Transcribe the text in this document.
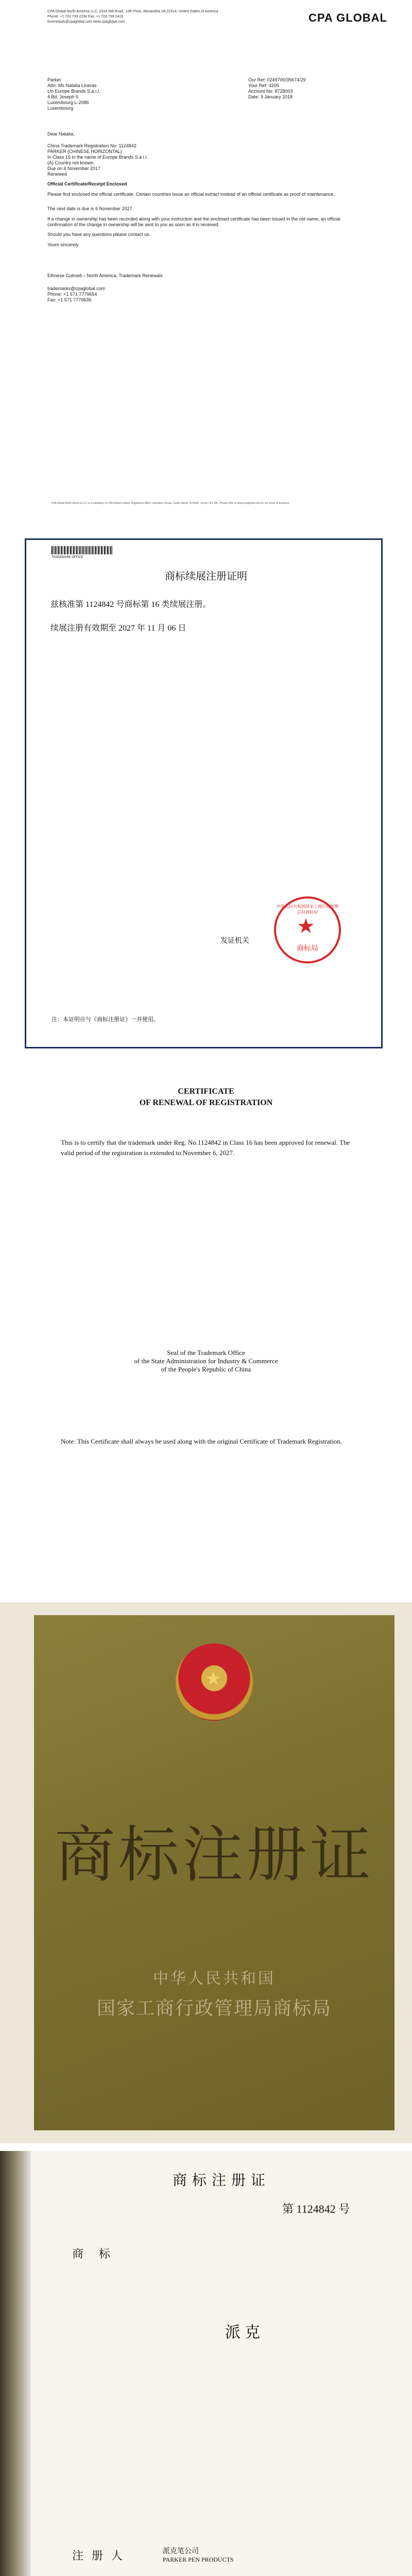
CPA Global North America LLC, 2318 Mill Road, 12th Floor, Alexandria VA 22314, United States of America
Phone: +1 703 739 2234 Fax: +1 703 739 2419
livrenewals@cpaglobal.com www.cpaglobal.com	CPA GLOBAL
Parker
Attn: Ms Natalia Lineras
c/o Europe Brands S.à r.l.
4 Bd. Joseph II
Luxembourg L-2086
Luxembourg
Our Ref: 0249700/35674/29
Your Ref: 4205
Account No: 8728003
Date: 9 January 2018
Dear Natalia,
China Trademark Registration No: 1124842
PARKER (CHINESE HORIZONTAL)
In Class 16 in the name of Europe Brands S.à r.l.
(A) Country not known
Due on 6 November 2017
Renewed
Official Certificate/Receipt Enclosed
Please find enclosed the official certificate. Certain countries issue an official extract instead of an official certificate as proof of maintenance.
The next date is due is 6 November 2027.
If a change in ownership has been recorded along with your instruction and the enclosed certificate has been issued in the old name, an official confirmation of the change in ownership will be sent to you as soon as it is received.
Should you have any questions please contact us.
Yours sincerely
Ethnese Gutmell – North America, Trademark Renewals
trademarks@cpaglobal.com
Phone: +1 571 7779654
Fax: +1 571 7779636
CPA Global North America LLC is a subsidiary of CPA Global Limited. Registered office: Liberation House, Castle Street, St Helier, Jersey JE1 1BL. Please refer to www.cpaglobal.com for our terms of business.
TRADEMARK OFFICE
商标续展注册证明
兹核准第 1124842 号商标第 16 类续展注册。
续展注册有效期至 2027 年 11 月 06 日
发证机关
中华人民共和国国家工商行政管理总局商标局
★
商标局
注：本证明应与《商标注册证》一并使用。
CERTIFICATE
OF RENEWAL OF REGISTRATION
This is to certify that the trademark under Reg. No.1124842 in Class 16 has been approved for renewal. The valid period of the registration is extended to November 6, 2027.
Seal of the Trademark Office
of the State Administration for Industry & Commerce
of the People's Republic of China
Note: This Certificate shall always be used along with the original Certificate of Trademark Registration.
★
商标注册证
中华人民共和国
国家工商行政管理局商标局
商标注册证
第 1124842 号
商标
派克
注册人	派克笔公司
PARKER PEN PRODUCTS
